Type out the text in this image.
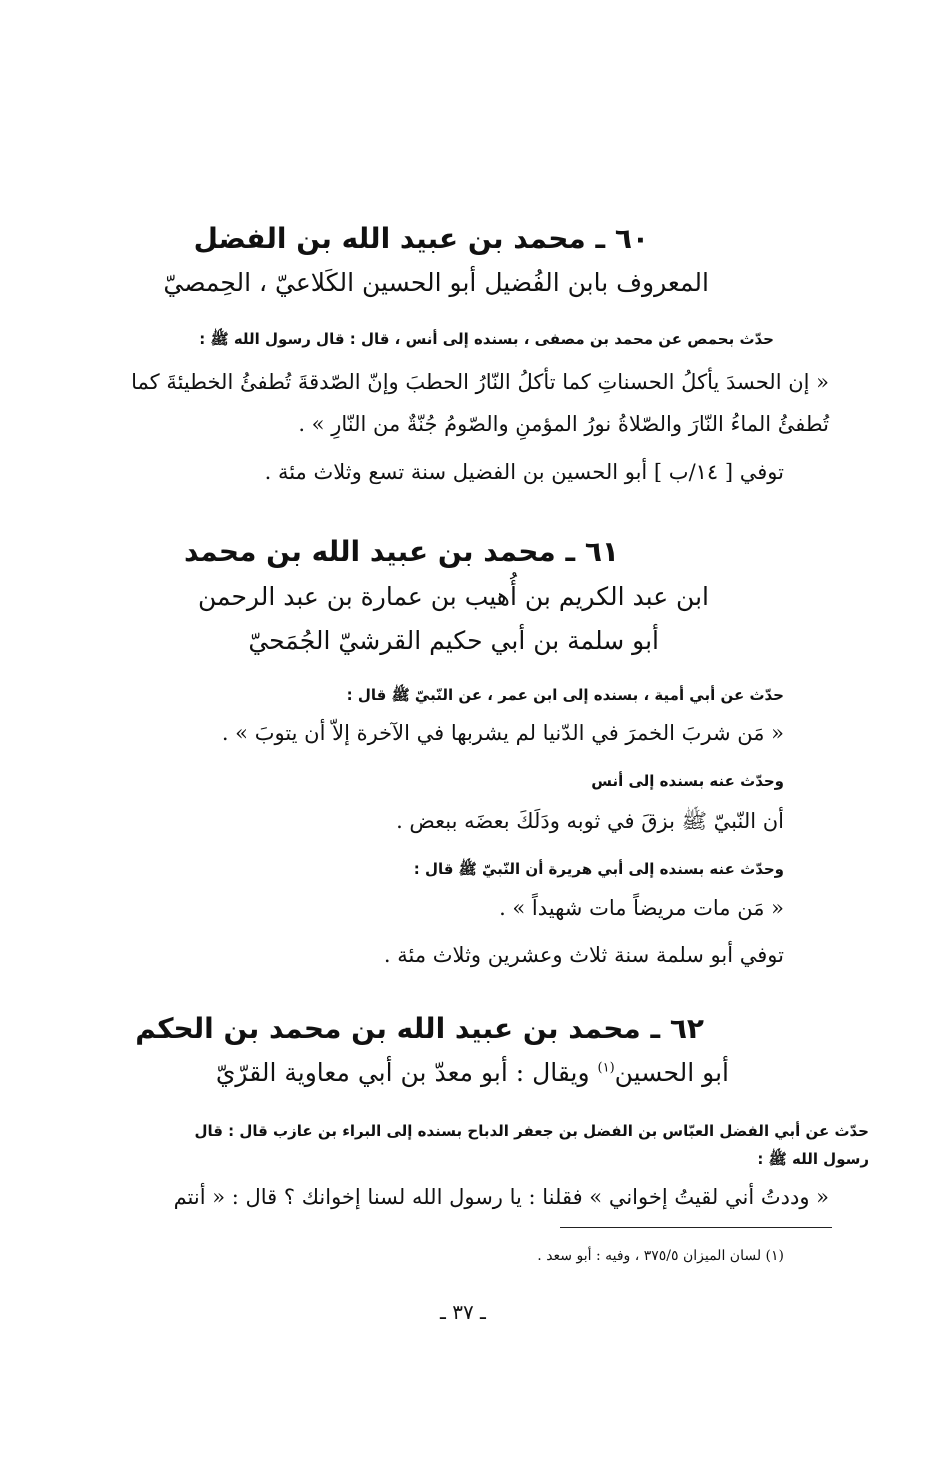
٦٠ ـ محمد بن عبيد الله بن الفضل
المعروف بابن الفُضيل أبو الحسين الكَلاعيّ ، الحِمصيّ
حدّث بحمص عن محمد بن مصفى ، بسنده إلى أنس ، قال : قال رسول الله ﷺ :
« إن الحسدَ يأكلُ الحسناتِ كما تأكلُ النّارُ الحطبَ وإنّ الصّدقةَ تُطفئُ الخطيئةَ كما
تُطفئُ الماءُ النّارَ والصّلاةُ نورُ المؤمنِ والصّومُ جُنّةٌ من النّارِ » .
توفي [ ١٤/ب ] أبو الحسين بن الفضيل سنة تسع وثلاث مئة .
٦١ ـ محمد بن عبيد الله بن محمد
ابن عبد الكريم بن أُهيب بن عمارة بن عبد الرحمن
أبو سلمة بن أبي حكيم القرشيّ الجُمَحيّ
حدّث عن أبي أمية ، بسنده إلى ابن عمر ، عن النّبيّ ﷺ قال :
« مَن شربَ الخمرَ في الدّنيا لم يشربها في الآخرة إلاّ أن يتوبَ » .
وحدّث عنه بسنده إلى أنس
أن النّبيّ ﷺ بزقَ في ثوبه ودَلَكَ بعضَه ببعض .
وحدّث عنه بسنده إلى أبي هريرة أن النّبيّ ﷺ قال :
« مَن مات مريضاً مات شهيداً » .
توفي أبو سلمة سنة ثلاث وعشرين وثلاث مئة .
٦٢ ـ محمد بن عبيد الله بن محمد بن الحكم
أبو الحسين$^{(١)}$ ويقال : أبو معدّ بن أبي معاوية القرّيّ
حدّث عن أبي الفضل العبّاس بن الفضل بن جعفر الدباح بسنده إلى البراء بن عازب قال : قال
رسول الله ﷺ :
« وددتُ أني لقيتُ إخواني » فقلنا : يا رسول الله لسنا إخوانك ؟ قال : « أنتم
(١) لسان الميزان ٣٧٥/٥ ، وفيه : أبو سعد .
ـ ٣٧ ـ
